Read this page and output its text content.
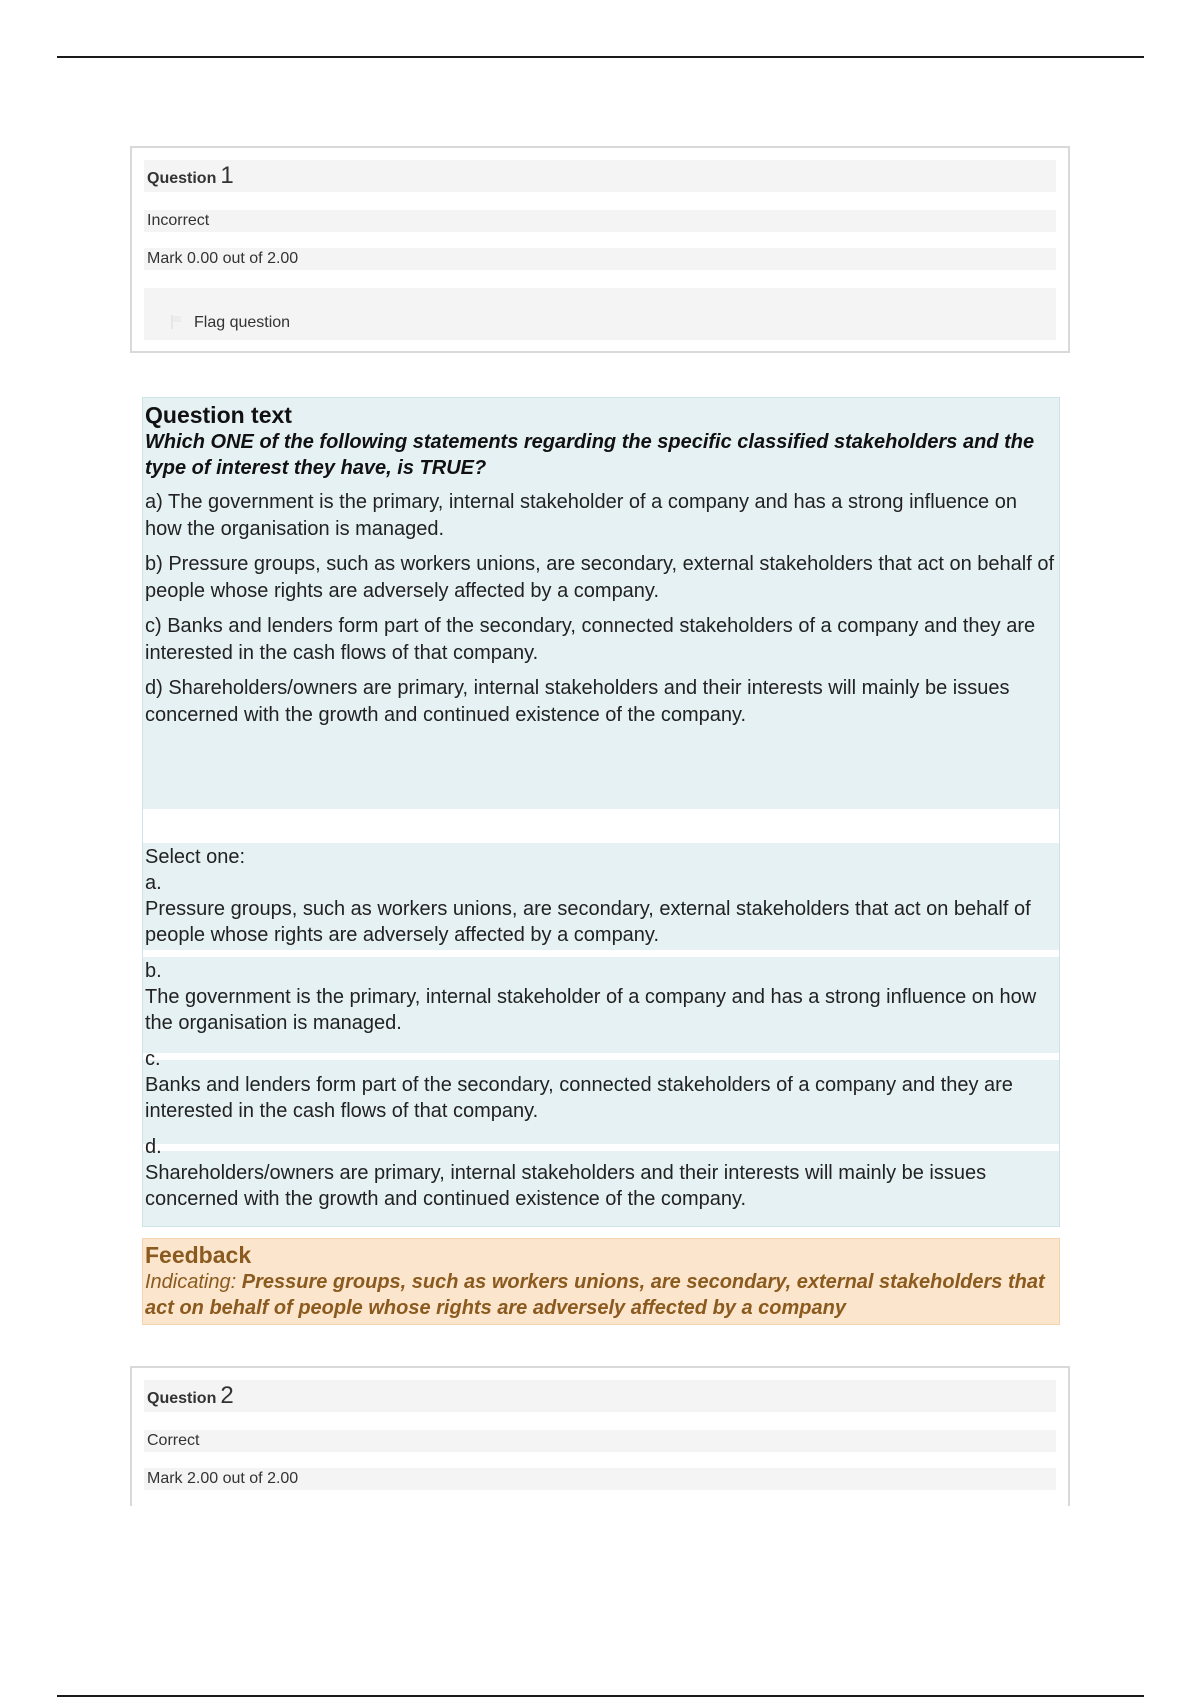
Question 1
Incorrect
Mark 0.00 out of 2.00
Flag question
Question text

Which ONE of the following statements regarding the specific classified stakeholders and the type of interest they have, is TRUE?

a) The government is the primary, internal stakeholder of a company and has a strong influence on how the organisation is managed.

b) Pressure groups, such as workers unions, are secondary, external stakeholders that act on behalf of people whose rights are adversely affected by a company.

c) Banks and lenders form part of the secondary, connected stakeholders of a company and they are interested in the cash flows of that company.

d) Shareholders/owners are primary, internal stakeholders and their interests will mainly be issues concerned with the growth and continued existence of the company.

Select one:
a.
Pressure groups, such as workers unions, are secondary, external stakeholders that act on behalf of people whose rights are adversely affected by a company.
b.
The government is the primary, internal stakeholder of a company and has a strong influence on how the organisation is managed.
c.
Banks and lenders form part of the secondary, connected stakeholders of a company and they are interested in the cash flows of that company.
d.
Shareholders/owners are primary, internal stakeholders and their interests will mainly be issues concerned with the growth and continued existence of the company.
Feedback

Indicating: Pressure groups, such as workers unions, are secondary, external stakeholders that act on behalf of people whose rights are adversely affected by a company

Question 2
Correct
Mark 2.00 out of 2.00
